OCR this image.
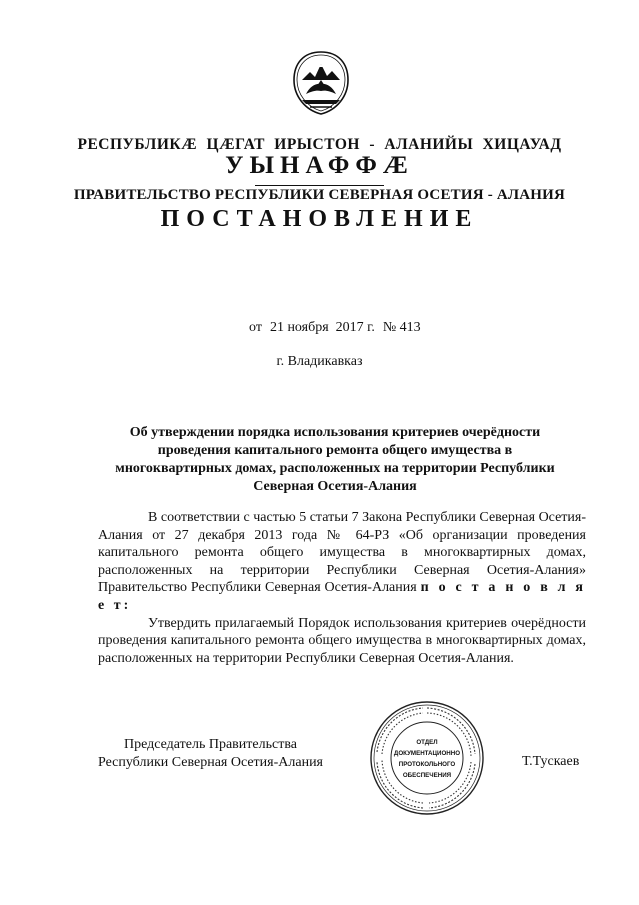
РЕСПУБЛИКӔ ЦӔГАТ ИРЫСТОН - АЛАНИЙЫ ХИЦАУАД
УЫНАФФӔ
ПРАВИТЕЛЬСТВО РЕСПУБЛИКИ СЕВЕРНАЯ ОСЕТИЯ - АЛАНИЯ
ПОСТАНОВЛЕНИЕ
от 21 ноября  2017 г. № 413
г. Владикавказ
Об утверждении порядка использования критериев очерёдности проведения капитального ремонта общего имущества в многоквартирных домах, расположенных на территории Республики Северная Осетия-Алания

В соответствии с частью 5 статьи 7 Закона Республики Северная Осетия-Алания от 27 декабря 2013 года № 64-РЗ «Об организации проведения капитального ремонта общего имущества в многоквартирных домах, расположенных на территории Республики Северная Осетия-Алания» Правительство Республики Северная Осетия-Алания п о с т а н о в л я е т:

Утвердить прилагаемый Порядок использования критериев очерёдности проведения капитального ремонта общего имущества в многоквартирных домах, расположенных на территории Республики Северная Осетия-Алания.

Председатель Правительства
Республики Северная Осетия-Алания
ОТДЕЛ
ДОКУМЕНТАЦИОННО
ПРОТОКОЛЬНОГО
ОБЕСПЕЧЕНИЯ
Т.Тускаев
